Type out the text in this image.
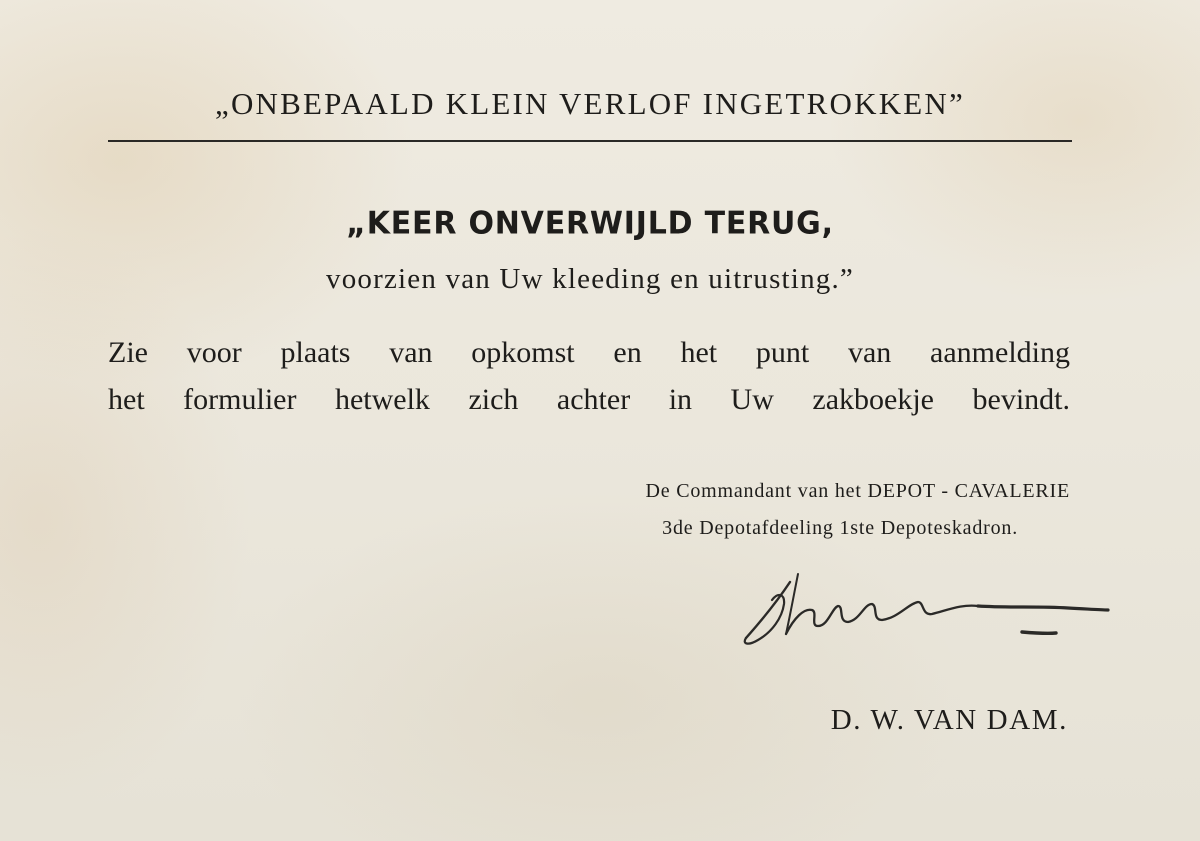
„ONBEPAALD KLEIN VERLOF INGETROKKEN”

„KEER ONVERWIJLD TERUG,

voorzien van Uw kleeding en uitrusting.”

Zie voor plaats van opkomst en het punt van aanmelding

het formulier hetwelk zich achter in Uw zakboekje bevindt.

De Commandant van het DEPOT - CAVALERIE

3de Depotafdeeling 1ste Depoteskadron.

D. W. VAN DAM.
